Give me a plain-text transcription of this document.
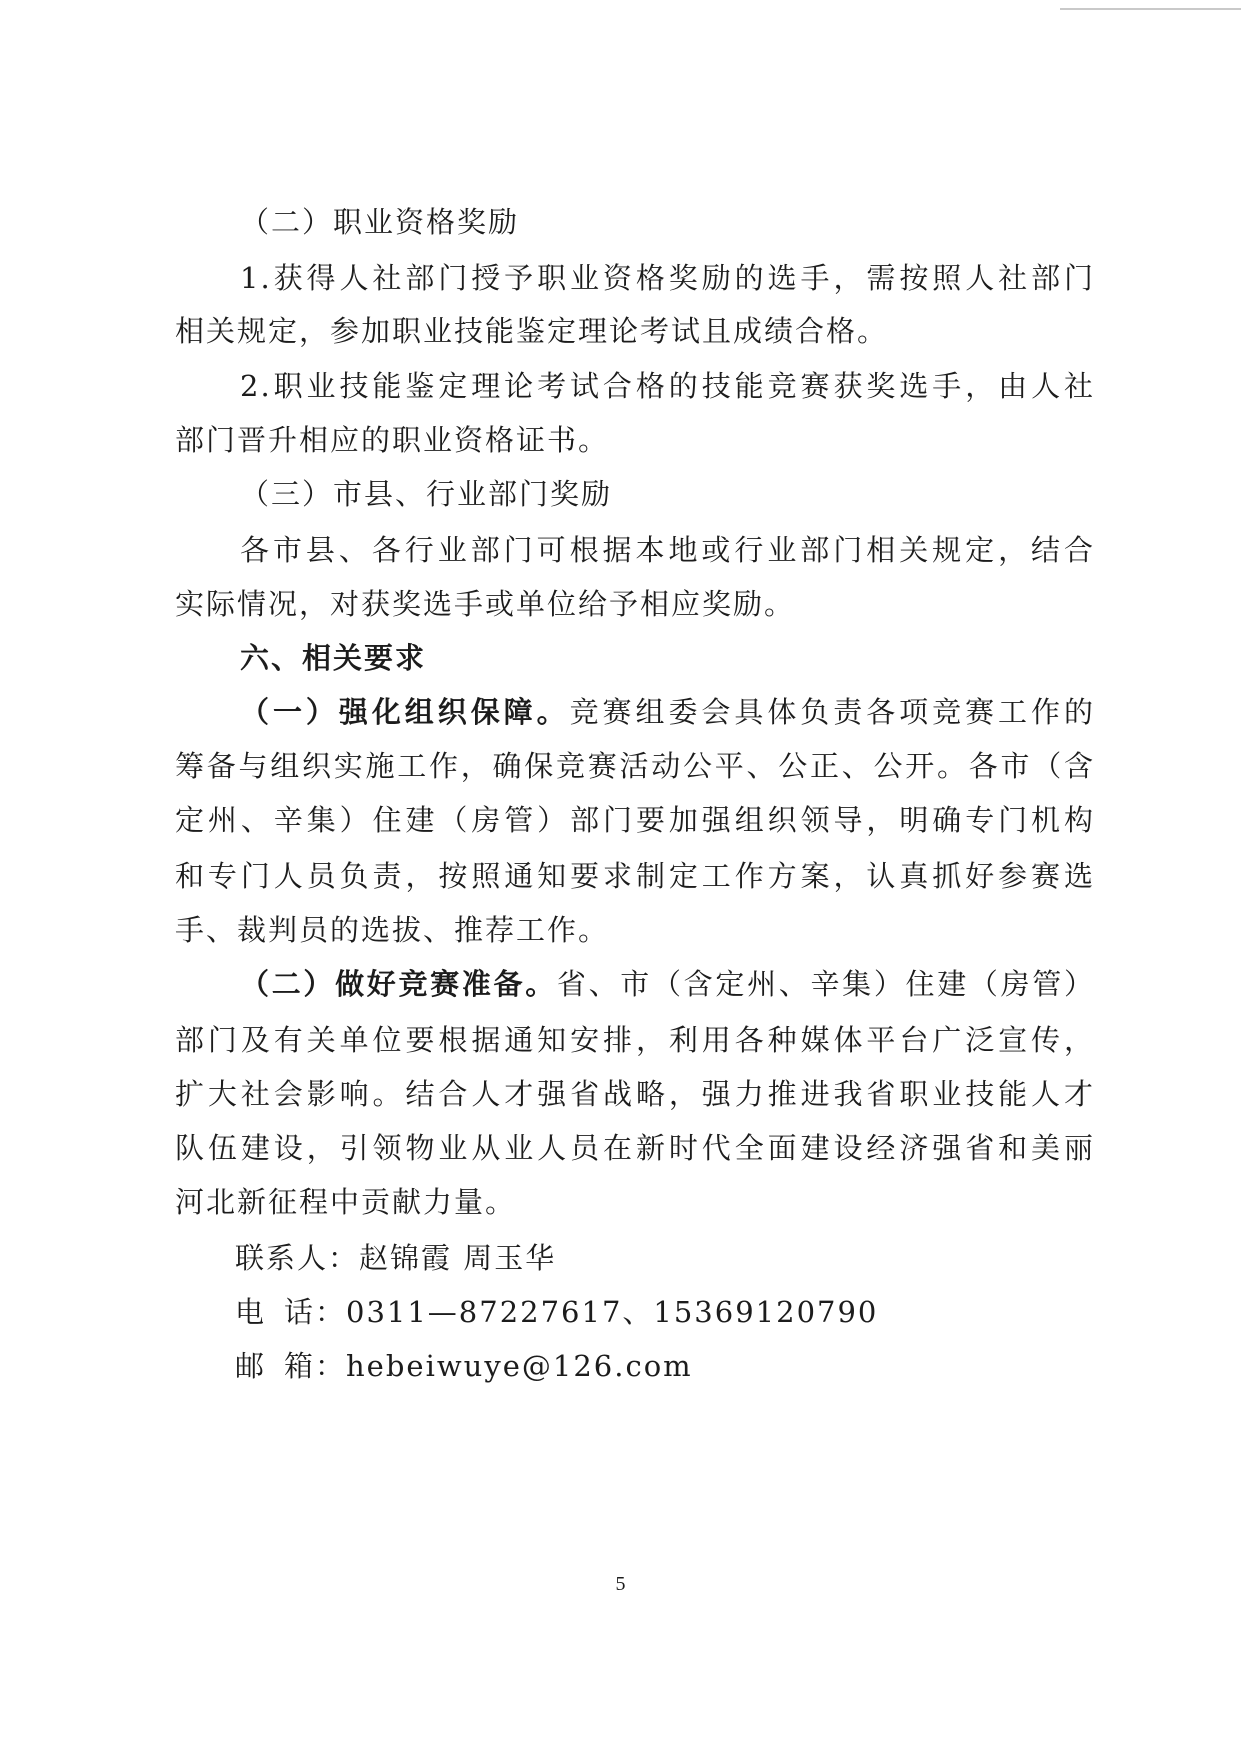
（二）职业资格奖励
1.获得人社部门授予职业资格奖励的选手，需按照人社部门
相关规定，参加职业技能鉴定理论考试且成绩合格。
2.职业技能鉴定理论考试合格的技能竞赛获奖选手，由人社
部门晋升相应的职业资格证书。
（三）市县、行业部门奖励
各市县、各行业部门可根据本地或行业部门相关规定，结合
实际情况，对获奖选手或单位给予相应奖励。
六、相关要求
（一）强化组织保障。竞赛组委会具体负责各项竞赛工作的
筹备与组织实施工作，确保竞赛活动公平、公正、公开。各市（含
定州、辛集）住建（房管）部门要加强组织领导，明确专门机构
和专门人员负责，按照通知要求制定工作方案，认真抓好参赛选
手、裁判员的选拔、推荐工作。
（二）做好竞赛准备。省、市（含定州、辛集）住建（房管）
部门及有关单位要根据通知安排，利用各种媒体平台广泛宣传，
扩大社会影响。结合人才强省战略，强力推进我省职业技能人才
队伍建设，引领物业从业人员在新时代全面建设经济强省和美丽
河北新征程中贡献力量。
联系人：赵锦霞 周玉华
电 话：0311—87227617、15369120790
邮 箱：hebeiwuye@126.com
5
